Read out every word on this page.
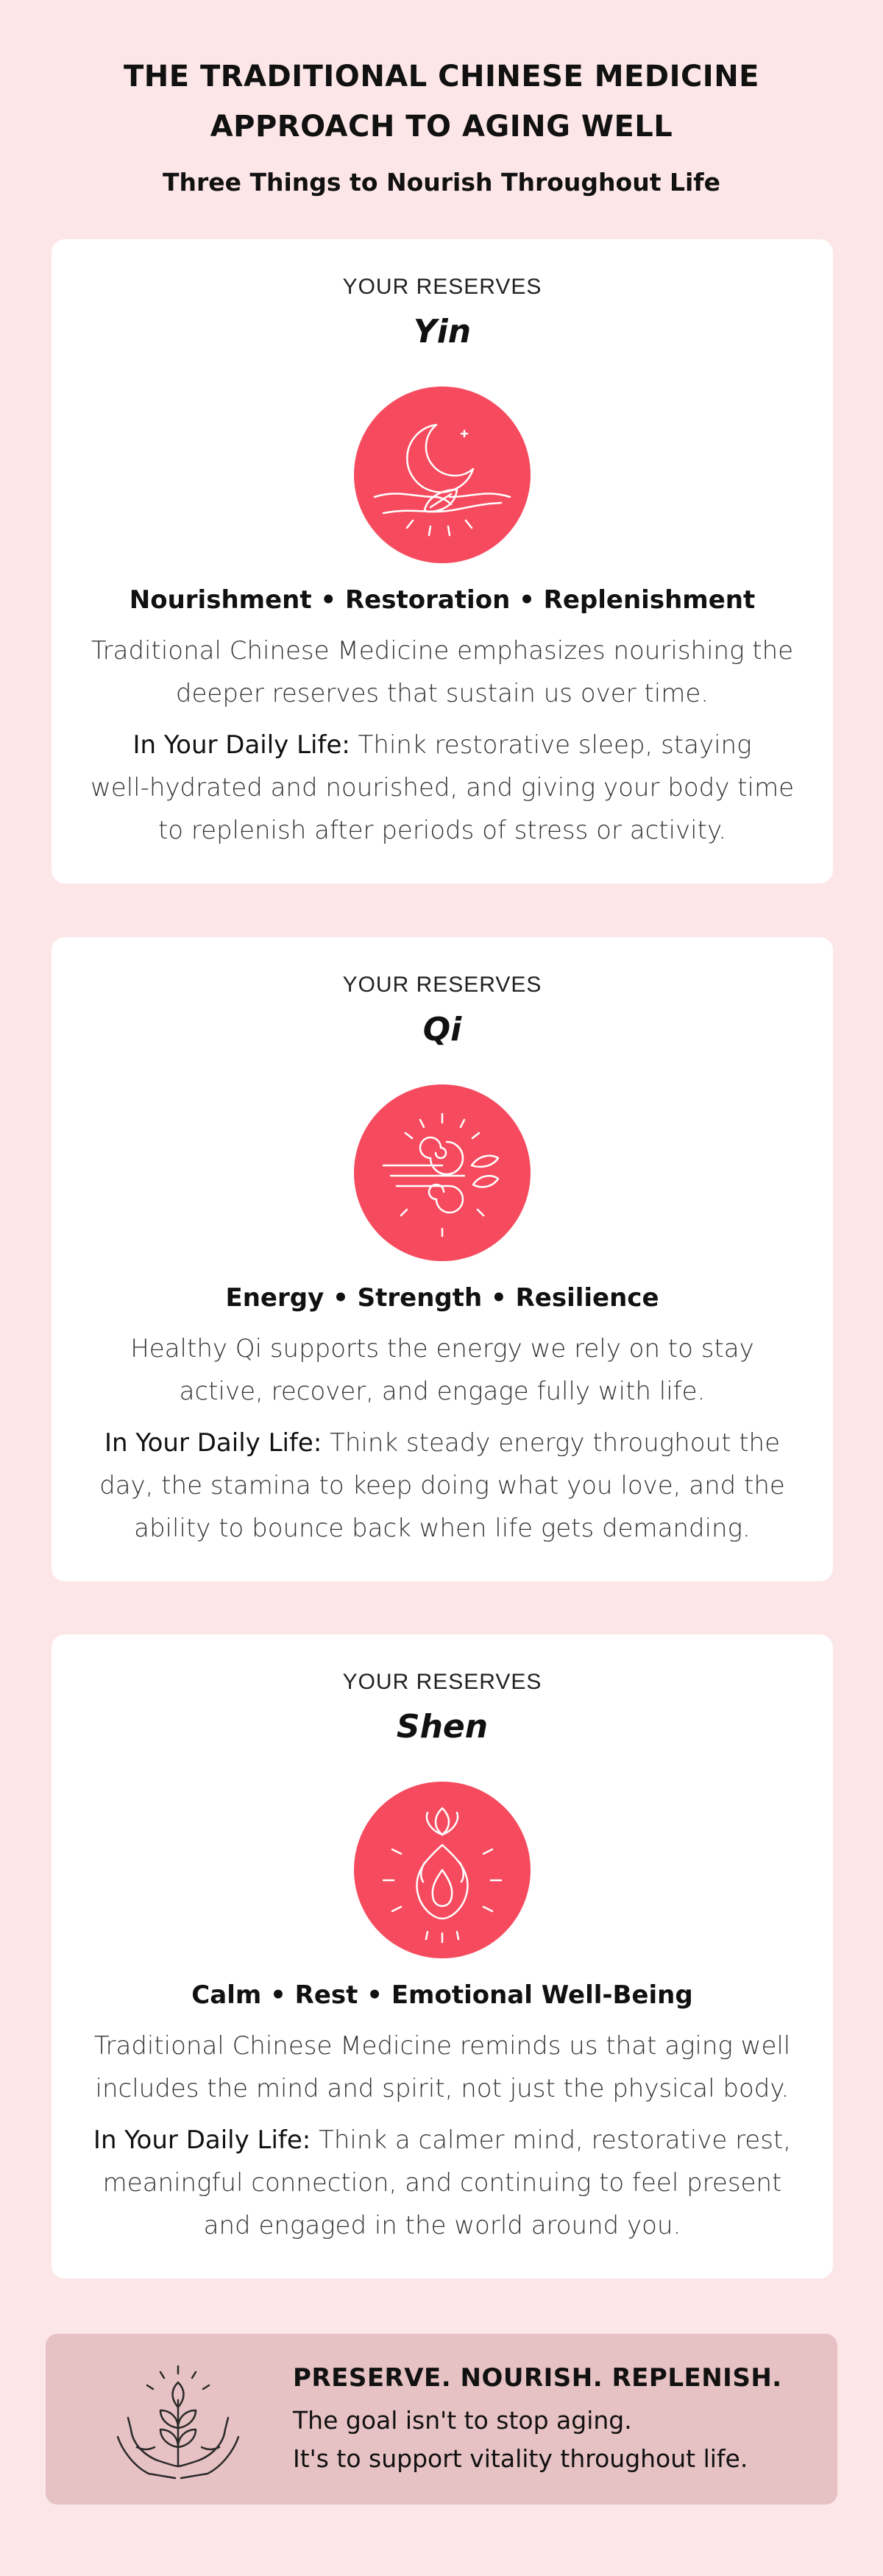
THE TRADITIONAL CHINESE MEDICINE
APPROACH TO AGING WELL
Three Things to Nourish Throughout Life
YOUR RESERVES
Yin
Nourishment • Restoration • Replenishment
Traditional Chinese Medicine emphasizes nourishing the
deeper reserves that sustain us over time.
In Your Daily Life: Think restorative sleep, staying
well-hydrated and nourished, and giving your body time
to replenish after periods of stress or activity.
YOUR RESERVES
Qi
Energy • Strength • Resilience
Healthy Qi supports the energy we rely on to stay
active, recover, and engage fully with life.
In Your Daily Life: Think steady energy throughout the
day, the stamina to keep doing what you love, and the
ability to bounce back when life gets demanding.
YOUR RESERVES
Shen
Calm • Rest • Emotional Well-Being
Traditional Chinese Medicine reminds us that aging well
includes the mind and spirit, not just the physical body.
In Your Daily Life: Think a calmer mind, restorative rest,
meaningful connection, and continuing to feel present
and engaged in the world around you.
PRESERVE. NOURISH. REPLENISH.
The goal isn't to stop aging.
It's to support vitality throughout life.
